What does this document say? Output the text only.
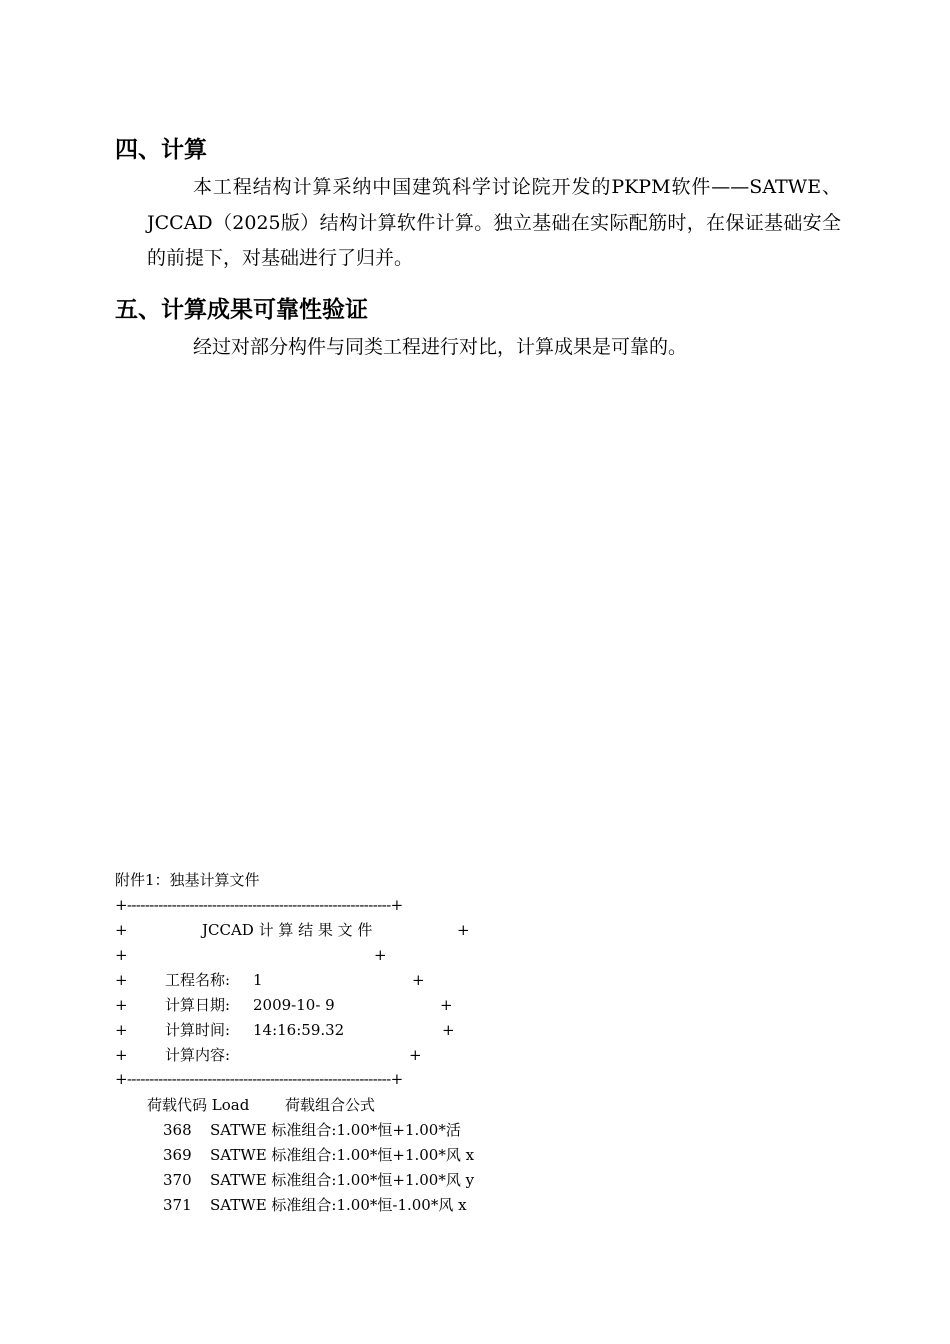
四、计算
本工程结构计算采纳中国建筑科学讨论院开发的PKPM软件——SATWE、JCCAD（2025版）结构计算软件计算。独立基础在实际配筋时，在保证基础安全的前提下，对基础进行了归并。
五、计算成果可靠性验证
经过对部分构件与同类工程进行对比，计算成果是可靠的。
附件1：独基计算文件
+-----------------------------------------------------------+
+	JCCAD 计 算 结 果 文 件	+
+	+
+ 工程名称: 1	+
+ 计算日期: 2009-10- 9	+
+ 计算时间: 14:16:59.32	+
+ 计算内容:	+
+-----------------------------------------------------------+
荷载代码 Load 荷载组合公式
368 SATWE 标准组合:1.00*恒+1.00*活
369 SATWE 标准组合:1.00*恒+1.00*风 x
370 SATWE 标准组合:1.00*恒+1.00*风 y
371 SATWE 标准组合:1.00*恒-1.00*风 x
